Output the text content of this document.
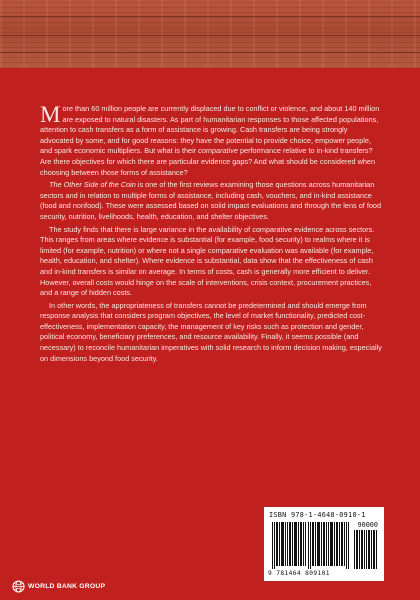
More than 60 million people are currently displaced due to conflict or violence, and about 140 million are exposed to natural disasters. As part of humanitarian responses to those affected populations, attention to cash transfers as a form of assistance is growing. Cash transfers are being strongly advocated by some, and for good reasons: they have the potential to provide choice, empower people, and spark economic multipliers. But what is their comparative performance relative to in-kind transfers? Are there objectives for which there are particular evidence gaps? And what should be considered when choosing between those forms of assistance?

The Other Side of the Coin is one of the first reviews examining those questions across humanitarian sectors and in relation to multiple forms of assistance, including cash, vouchers, and in-kind assistance (food and nonfood). These were assessed based on solid impact evaluations and through the lens of food security, nutrition, livelihoods, health, education, and shelter objectives.

The study finds that there is large variance in the availability of comparative evidence across sectors. This ranges from areas where evidence is substantial (for example, food security) to realms where it is limited (for example, nutrition) or where not a single comparative evaluation was available (for example, health, education, and shelter). Where evidence is substantial, data show that the effectiveness of cash and in-kind transfers is similar on average. In terms of costs, cash is generally more efficient to deliver. However, overall costs would hinge on the scale of interventions, crisis context, procurement practices, and a range of hidden costs.

In other words, the appropriateness of transfers cannot be predetermined and should emerge from response analysis that considers program objectives, the level of market functionality, predicted cost-effectiveness, implementation capacity, the management of key risks such as protection and gender, political economy, beneficiary preferences, and resource availability. Finally, it seems possible (and necessary) to reconcile humanitarian imperatives with solid research to inform decision making, especially on dimensions beyond food security.

ISBN 978-1-4648-0910-1
90000
9 781464 809101
WORLD BANK GROUP
